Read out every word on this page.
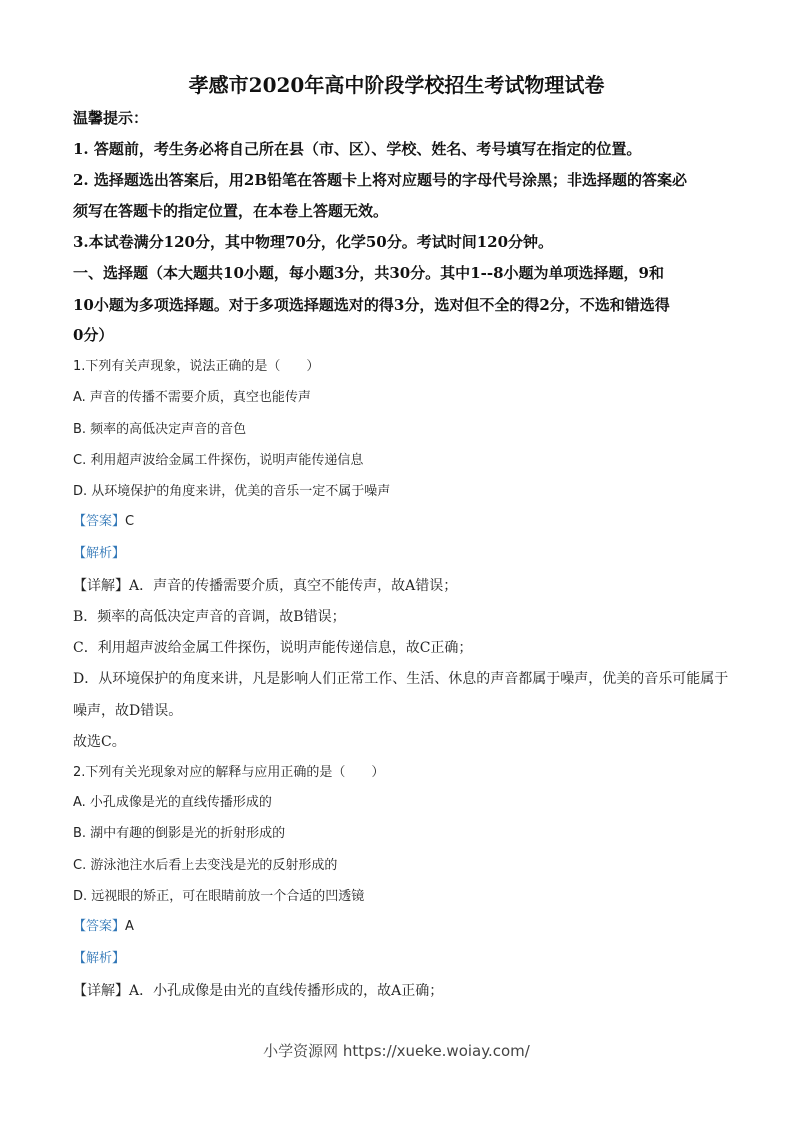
孝感市2020年高中阶段学校招生考试物理试卷
温馨提示：
1. 答题前，考生务必将自己所在县（市、区）、学校、姓名、考号填写在指定的位置。
2. 选择题选出答案后，用2B铅笔在答题卡上将对应题号的字母代号涂黑；非选择题的答案必
须写在答题卡的指定位置，在本卷上答题无效。
3.本试卷满分120分，其中物理70分，化学50分。考试时间120分钟。
一、选择题（本大题共10小题，每小题3分，共30分。其中1--8小题为单项选择题，9和
10小题为多项选择题。对于多项选择题选对的得3分，选对但不全的得2分，不选和错选得
0分）
1.下列有关声现象，说法正确的是（　　）
A. 声音的传播不需要介质，真空也能传声
B. 频率的高低决定声音的音色
C. 利用超声波给金属工件探伤，说明声能传递信息
D. 从环境保护的角度来讲，优美的音乐一定不属于噪声
【答案】C
【解析】
【详解】A．声音的传播需要介质，真空不能传声，故A错误；
B．频率的高低决定声音的音调，故B错误；
C．利用超声波给金属工件探伤，说明声能传递信息，故C正确；
D．从环境保护的角度来讲，凡是影响人们正常工作、生活、休息的声音都属于噪声，优美的音乐可能属于
噪声，故D错误。
故选C。
2.下列有关光现象对应的解释与应用正确的是（　　）
A. 小孔成像是光的直线传播形成的
B. 湖中有趣的倒影是光的折射形成的
C. 游泳池注水后看上去变浅是光的反射形成的
D. 远视眼的矫正，可在眼睛前放一个合适的凹透镜
【答案】A
【解析】
【详解】A．小孔成像是由光的直线传播形成的，故A正确；
小学资源网 https://xueke.woiay.com/
